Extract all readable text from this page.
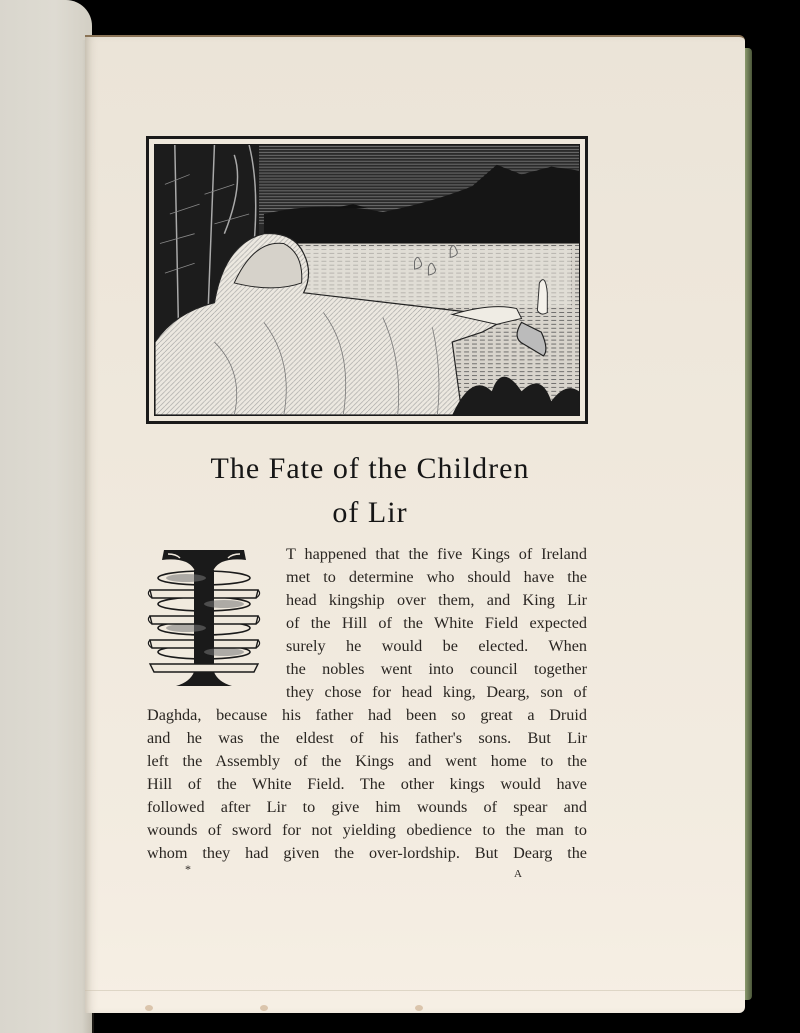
The Fate of the Children
of Lir
T happened that the five Kings of Ireland
met to determine who should have the
head kingship over them, and King Lir
of the Hill of the White Field expected
surely he would be elected. When
the nobles went into council together
they chose for head king, Dearg, son of
Daghda, because his father had been so great a Druid
and he was the eldest of his father's sons. But Lir
left the Assembly of the Kings and went home to the
Hill of the White Field. The other kings would have
followed after Lir to give him wounds of spear and
wounds of sword for not yielding obedience to the man to
whom they had given the over-lordship. But Dearg the
*	A
